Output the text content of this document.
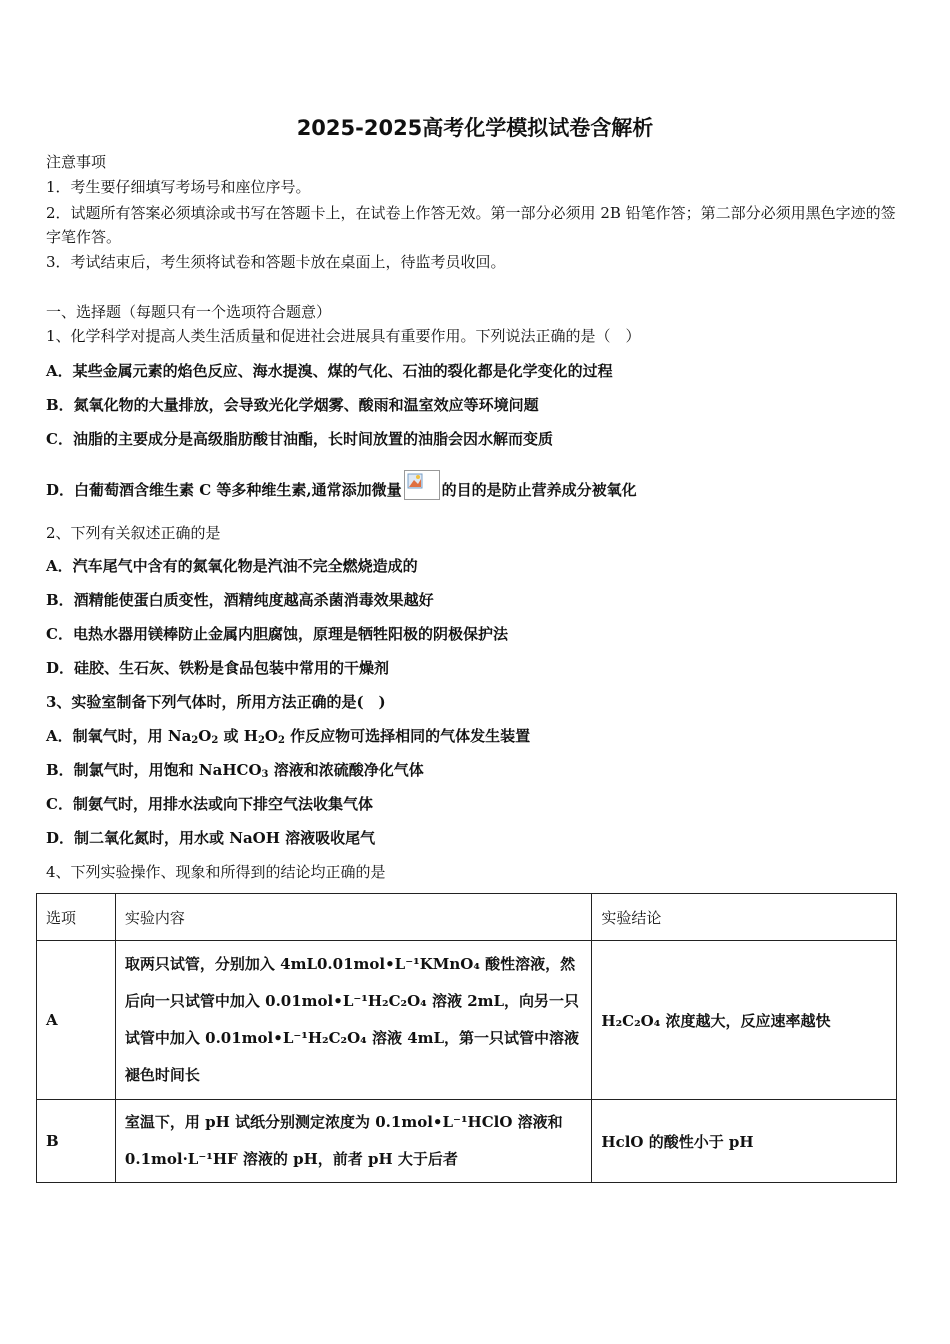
2025-2025高考化学模拟试卷含解析
注意事项
1．考生要仔细填写考场号和座位序号。
2．试题所有答案必须填涂或书写在答题卡上，在试卷上作答无效。第一部分必须用 2B 铅笔作答；第二部分必须用黑色字迹的签字笔作答。
3．考试结束后，考生须将试卷和答题卡放在桌面上，待监考员收回。
一、选择题（每题只有一个选项符合题意）
1、化学科学对提高人类生活质量和促进社会进展具有重要作用。下列说法正确的是（　）
A．某些金属元素的焰色反应、海水提溴、煤的气化、石油的裂化都是化学变化的过程
B．氮氧化物的大量排放，会导致光化学烟雾、酸雨和温室效应等环境问题
C．油脂的主要成分是高级脂肪酸甘油酯，长时间放置的油脂会因水解而变质
D．白葡萄酒含维生素 C 等多种维生素,通常添加微量	的目的是防止营养成分被氧化
2、下列有关叙述正确的是
A．汽车尾气中含有的氮氧化物是汽油不完全燃烧造成的
B．酒精能使蛋白质变性，酒精纯度越高杀菌消毒效果越好
C．电热水器用镁棒防止金属内胆腐蚀，原理是牺牲阳极的阴极保护法
D．硅胶、生石灰、铁粉是食品包装中常用的干燥剂
3、实验室制备下列气体时，所用方法正确的是(　)
A．制氧气时，用 $Na_2O_2$ 或 $H_2O_2$ 作反应物可选择相同的气体发生装置
B．制氯气时，用饱和 NaHCO$_3$ 溶液和浓硫酸净化气体
C．制氨气时，用排水法或向下排空气法收集气体
D．制二氧化氮时，用水或 NaOH 溶液吸收尾气
4、下列实验操作、现象和所得到的结论均正确的是
选项	实验内容	实验结论
A	取两只试管，分别加入 4mL0.01mol•L⁻¹KMnO₄ 酸性溶液，然后向一只试管中加入 0.01mol•L⁻¹H₂C₂O₄ 溶液 2mL，向另一只试管中加入 0.01mol•L⁻¹H₂C₂O₄ 溶液 4mL，第一只试管中溶液褪色时间长	H₂C₂O₄ 浓度越大，反应速率越快
B	室温下，用 pH 试纸分别测定浓度为 0.1mol•L⁻¹HClO 溶液和 0.1mol·L⁻¹HF 溶液的 pH，前者 pH 大于后者	HclO 的酸性小于 pH
